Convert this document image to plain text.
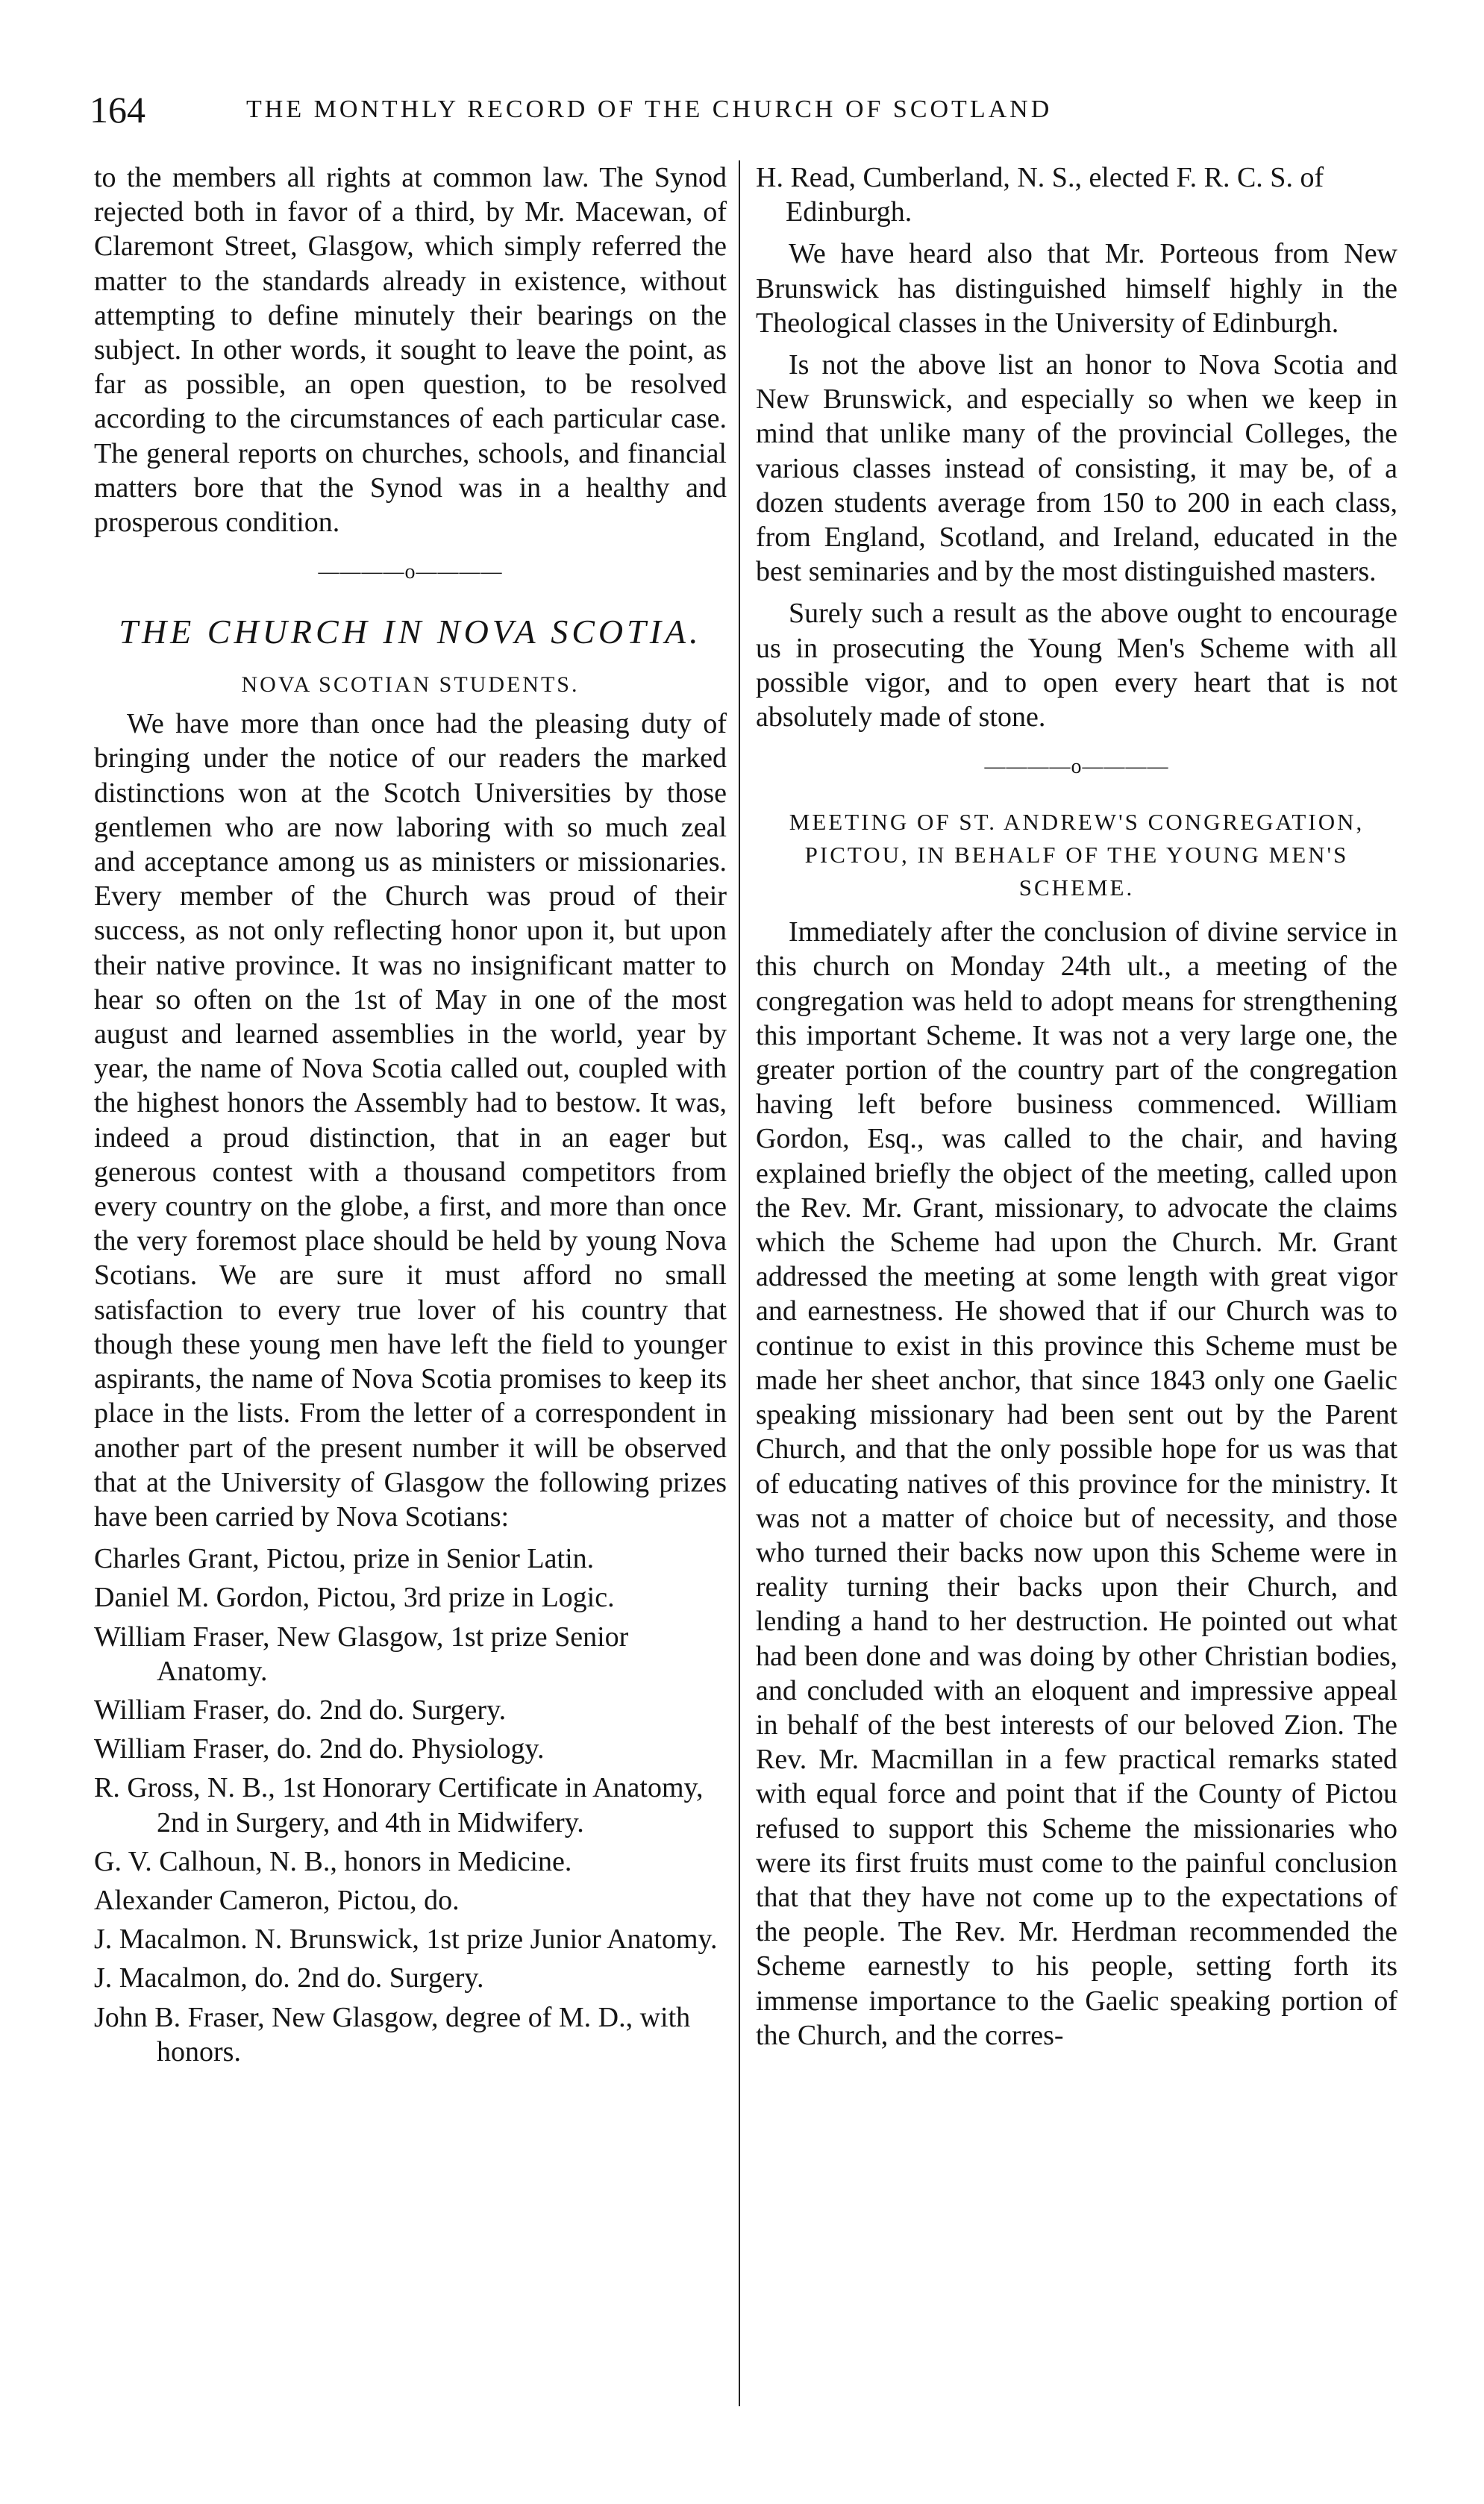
164	THE MONTHLY RECORD OF THE CHURCH OF SCOTLAND

to the members all rights at common law. The Synod rejected both in favor of a third, by Mr. Macewan, of Claremont Street, Glasgow, which simply referred the matter to the standards already in existence, without attempting to define minutely their bearings on the subject. In other words, it sought to leave the point, as far as possible, an open question, to be resolved according to the circumstances of each particular case. The general reports on churches, schools, and financial matters bore that the Synod was in a healthy and prosperous condition.

————o————
THE CHURCH IN NOVA SCOTIA.
NOVA SCOTIAN STUDENTS.

We have more than once had the pleasing duty of bringing under the notice of our readers the marked distinctions won at the Scotch Universities by those gentlemen who are now laboring with so much zeal and acceptance among us as ministers or missionaries. Every member of the Church was proud of their success, as not only reflecting honor upon it, but upon their native province. It was no insignificant matter to hear so often on the 1st of May in one of the most august and learned assemblies in the world, year by year, the name of Nova Scotia called out, coupled with the highest honors the Assembly had to bestow. It was, indeed a proud distinction, that in an eager but generous contest with a thousand competitors from every country on the globe, a first, and more than once the very foremost place should be held by young Nova Scotians. We are sure it must afford no small satisfaction to every true lover of his country that though these young men have left the field to younger aspirants, the name of Nova Scotia promises to keep its place in the lists. From the letter of a correspondent in another part of the present number it will be observed that at the University of Glasgow the following prizes have been carried by Nova Scotians:

Charles Grant, Pictou, prize in Senior Latin.

Daniel M. Gordon, Pictou, 3rd prize in Logic.

William Fraser, New Glasgow, 1st prize Senior Anatomy.

William Fraser, do. 2nd do. Surgery.

William Fraser, do. 2nd do. Physiology.

R. Gross, N. B., 1st Honorary Certificate in Anatomy, 2nd in Surgery, and 4th in Midwifery.

G. V. Calhoun, N. B., honors in Medicine.

Alexander Cameron, Pictou, do.

J. Macalmon. N. Brunswick, 1st prize Junior Anatomy.

J. Macalmon, do. 2nd do. Surgery.

John B. Fraser, New Glasgow, degree of M. D., with honors.

H. Read, Cumberland, N. S., elected F. R. C. S. of Edinburgh.

We have heard also that Mr. Porteous from New Brunswick has distinguished himself highly in the Theological classes in the University of Edinburgh.

Is not the above list an honor to Nova Scotia and New Brunswick, and especially so when we keep in mind that unlike many of the provincial Colleges, the various classes instead of consisting, it may be, of a dozen students average from 150 to 200 in each class, from England, Scotland, and Ireland, educated in the best seminaries and by the most distinguished masters.

Surely such a result as the above ought to encourage us in prosecuting the Young Men's Scheme with all possible vigor, and to open every heart that is not absolutely made of stone.

————o————
MEETING OF ST. ANDREW'S CONGREGATION, PICTOU, IN BEHALF OF THE YOUNG MEN'S SCHEME.

Immediately after the conclusion of divine service in this church on Monday 24th ult., a meeting of the congregation was held to adopt means for strengthening this important Scheme. It was not a very large one, the greater portion of the country part of the congregation having left before business commenced. William Gordon, Esq., was called to the chair, and having explained briefly the object of the meeting, called upon the Rev. Mr. Grant, missionary, to advocate the claims which the Scheme had upon the Church. Mr. Grant addressed the meeting at some length with great vigor and earnestness. He showed that if our Church was to continue to exist in this province this Scheme must be made her sheet anchor, that since 1843 only one Gaelic speaking missionary had been sent out by the Parent Church, and that the only possible hope for us was that of educating natives of this province for the ministry. It was not a matter of choice but of necessity, and those who turned their backs now upon this Scheme were in reality turning their backs upon their Church, and lending a hand to her destruction. He pointed out what had been done and was doing by other Christian bodies, and concluded with an eloquent and impressive appeal in behalf of the best interests of our beloved Zion. The Rev. Mr. Macmillan in a few practical remarks stated with equal force and point that if the County of Pictou refused to support this Scheme the missionaries who were its first fruits must come to the painful conclusion that that they have not come up to the expectations of the people. The Rev. Mr. Herdman recommended the Scheme earnestly to his people, setting forth its immense importance to the Gaelic speaking portion of the Church, and the corres-
